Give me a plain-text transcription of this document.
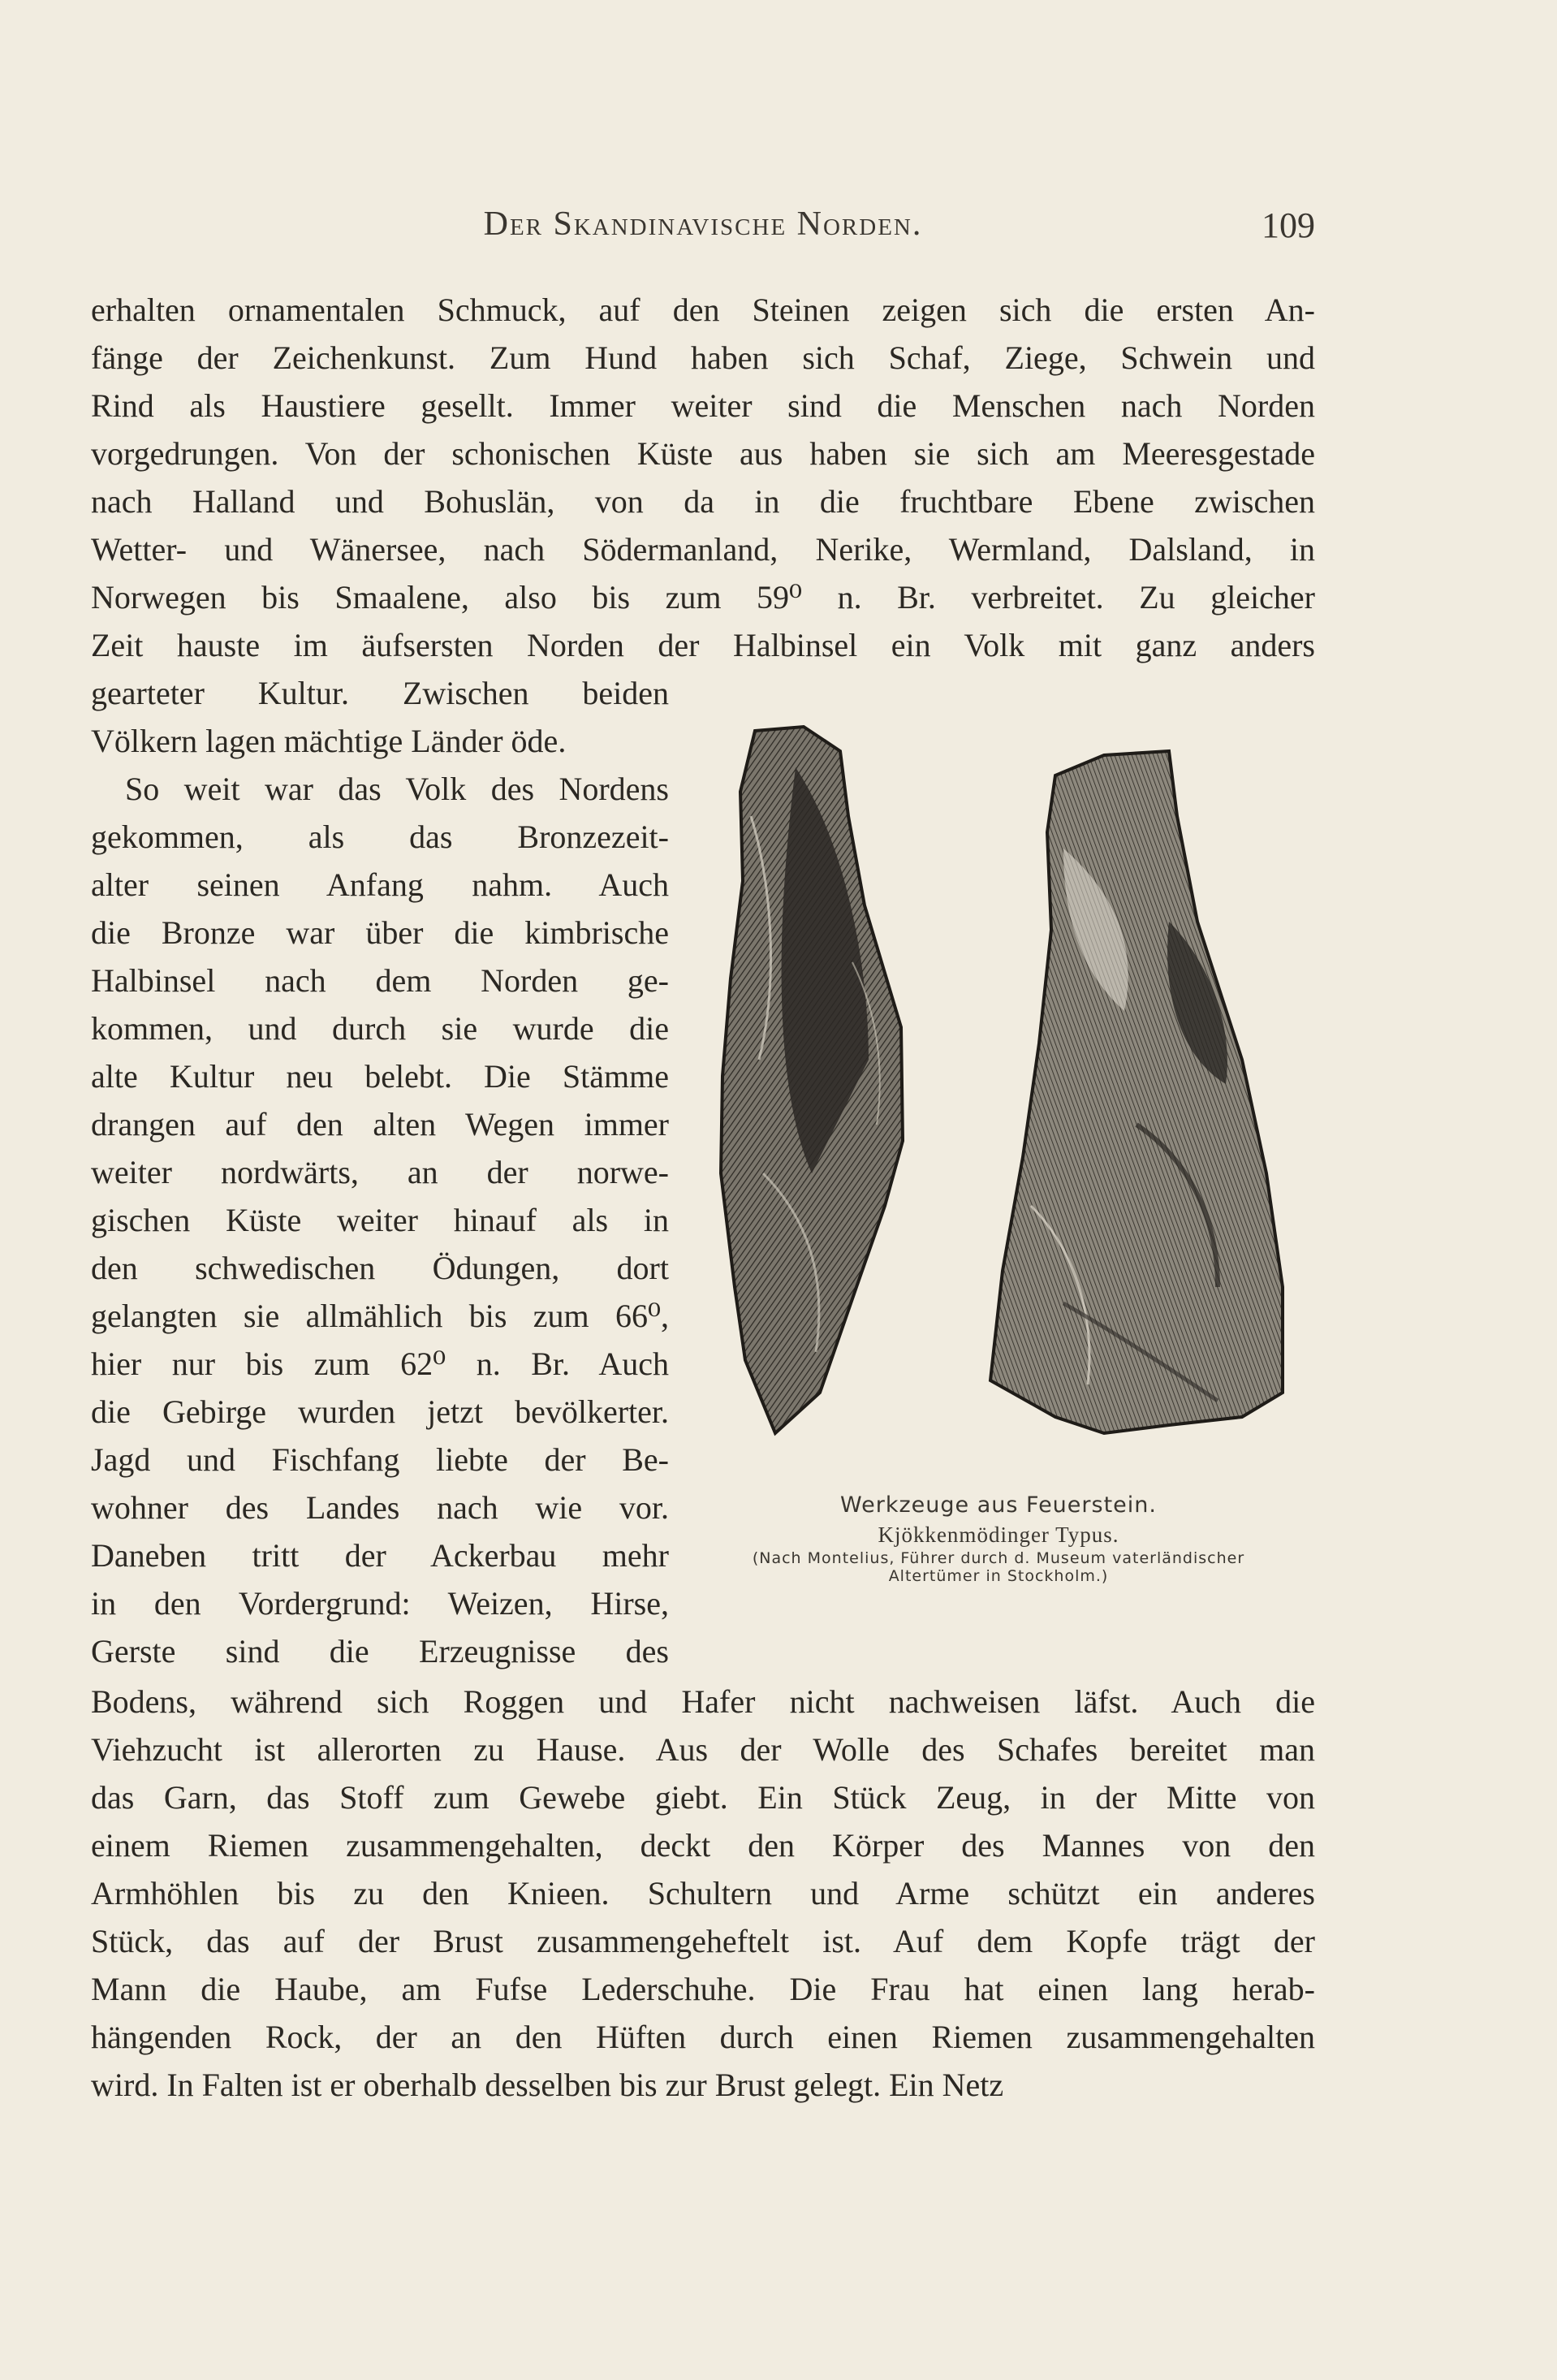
Der Skandinavische Norden.	109
erhalten ornamentalen Schmuck, auf den Steinen zeigen sich die ersten An-
fänge der Zeichenkunst. Zum Hund haben sich Schaf, Ziege, Schwein und
Rind als Haustiere gesellt. Immer weiter sind die Menschen nach Norden
vorgedrungen. Von der schonischen Küste aus haben sie sich am Meeresgestade
nach Halland und Bohuslän, von da in die fruchtbare Ebene zwischen
Wetter- und Wänersee, nach Södermanland, Nerike, Wermland, Dalsland, in
Norwegen bis Smaalene, also bis zum 59⁰ n. Br. verbreitet. Zu gleicher
Zeit hauste im äufsersten Norden der Halbinsel ein Volk mit ganz anders
gearteter Kultur. Zwischen beiden
Völkern lagen mächtige Länder öde.
So weit war das Volk des Nordens
gekommen, als das Bronzezeit-
alter seinen Anfang nahm. Auch
die Bronze war über die kimbrische
Halbinsel nach dem Norden ge-
kommen, und durch sie wurde die
alte Kultur neu belebt. Die Stämme
drangen auf den alten Wegen immer
weiter nordwärts, an der norwe-
gischen Küste weiter hinauf als in
den schwedischen Ödungen, dort
gelangten sie allmählich bis zum 66⁰,
hier nur bis zum 62⁰ n. Br. Auch
die Gebirge wurden jetzt bevölkerter.
Jagd und Fischfang liebte der Be-
wohner des Landes nach wie vor.
Daneben tritt der Ackerbau mehr
in den Vordergrund: Weizen, Hirse,
Gerste sind die Erzeugnisse des
Bodens, während sich Roggen und Hafer nicht nachweisen läfst. Auch die
Viehzucht ist allerorten zu Hause. Aus der Wolle des Schafes bereitet man
das Garn, das Stoff zum Gewebe giebt. Ein Stück Zeug, in der Mitte von
einem Riemen zusammengehalten, deckt den Körper des Mannes von den
Armhöhlen bis zu den Knieen. Schultern und Arme schützt ein anderes
Stück, das auf der Brust zusammengeheftelt ist. Auf dem Kopfe trägt der
Mann die Haube, am Fufse Lederschuhe. Die Frau hat einen lang herab-
hängenden Rock, der an den Hüften durch einen Riemen zusammengehalten
wird. In Falten ist er oberhalb desselben bis zur Brust gelegt. Ein Netz
Werkzeuge aus Feuerstein.
Kjökkenmödinger Typus.
(Nach Montelius, Führer durch d. Museum vaterländischer
Altertümer in Stockholm.)
